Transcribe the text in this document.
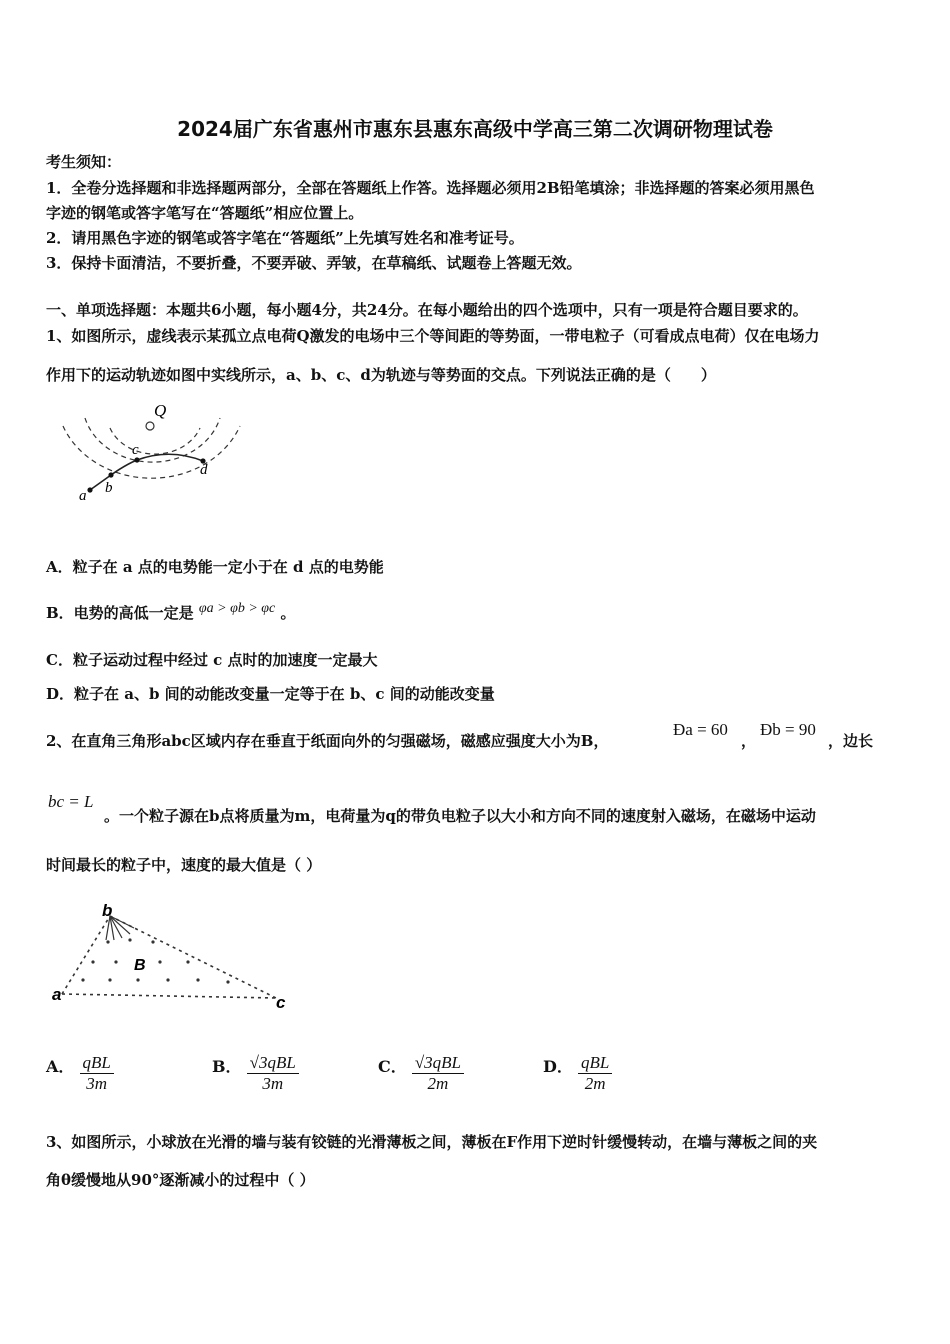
2024届广东省惠州市惠东县惠东高级中学高三第二次调研物理试卷
考生须知：
1．全卷分选择题和非选择题两部分，全部在答题纸上作答。选择题必须用2B铅笔填涂；非选择题的答案必须用黑色
字迹的钢笔或答字笔写在“答题纸”相应位置上。
2．请用黑色字迹的钢笔或答字笔在“答题纸”上先填写姓名和准考证号。
3．保持卡面清洁，不要折叠，不要弄破、弄皱，在草稿纸、试题卷上答题无效。
一、单项选择题：本题共6小题，每小题4分，共24分。在每小题给出的四个选项中，只有一项是符合题目要求的。
1、如图所示，虚线表示某孤立点电荷Q激发的电场中三个等间距的等势面，一带电粒子（可看成点电荷）仅在电场力
作用下的运动轨迹如图中实线所示，a、b、c、d为轨迹与等势面的交点。下列说法正确的是（　　）
Q
a b
c
d
A．粒子在 a 点的电势能一定小于在 d 点的电势能
B．电势的高低一定是 φa > φb > φc 。
C．粒子运动过程中经过 c 点时的加速度一定最大
D．粒子在 a、b 间的动能改变量一定等于在 b、c 间的动能改变量
2、在直角三角形abc区域内存在垂直于纸面向外的匀强磁场，磁感应强度大小为B，
Ða = 60
，
Ðb = 90
，边长
bc = L
。一个粒子源在b点将质量为m，电荷量为q的带负电粒子以大小和方向不同的速度射入磁场，在磁场中运动
时间最长的粒子中，速度的最大值是（ ）
b
B
a	c
A． $\frac{\text{qBL}}{3m}$	B． $\frac{\text{√3qBL}}{3m}$	C． $\frac{\text{√3qBL}}{2m}$	D． $\frac{\text{qBL}}{2m}$
3、如图所示，小球放在光滑的墙与装有铰链的光滑薄板之间，薄板在F作用下逆时针缓慢转动，在墙与薄板之间的夹
角θ缓慢地从90°逐渐减小的过程中（ ）
